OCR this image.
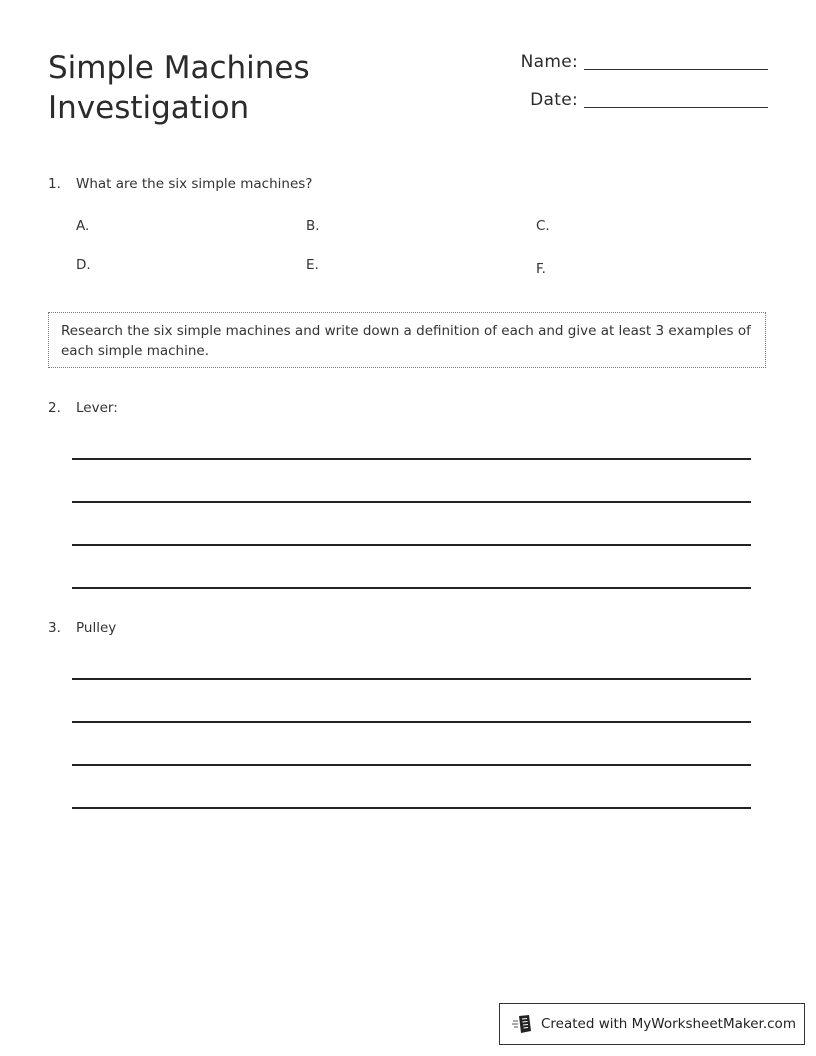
Simple Machines
Investigation
Name:
Date:
1. What are the six simple machines?
A.	B.	C.
D.	E.	F.
Research the six simple machines and write down a definition of each and give at least 3 examples of each simple machine.
2. Lever:
3. Pulley
Created with MyWorksheetMaker.com
